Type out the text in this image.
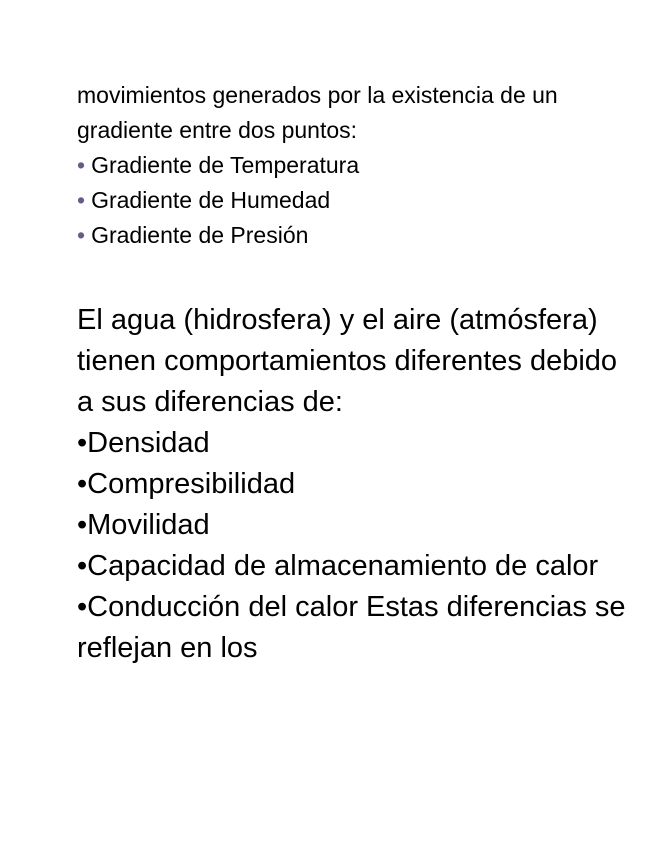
movimientos generados por la existencia de un gradiente entre dos puntos:

• Gradiente de Temperatura
• Gradiente de Humedad
• Gradiente de Presión

El agua (hidrosfera) y el aire (atmósfera) tienen comportamientos diferentes debido a sus diferencias de:

•Densidad
•Compresibilidad
•Movilidad
•Capacidad de almacenamiento de calor
•Conducción del calor Estas diferencias se reflejan en los
